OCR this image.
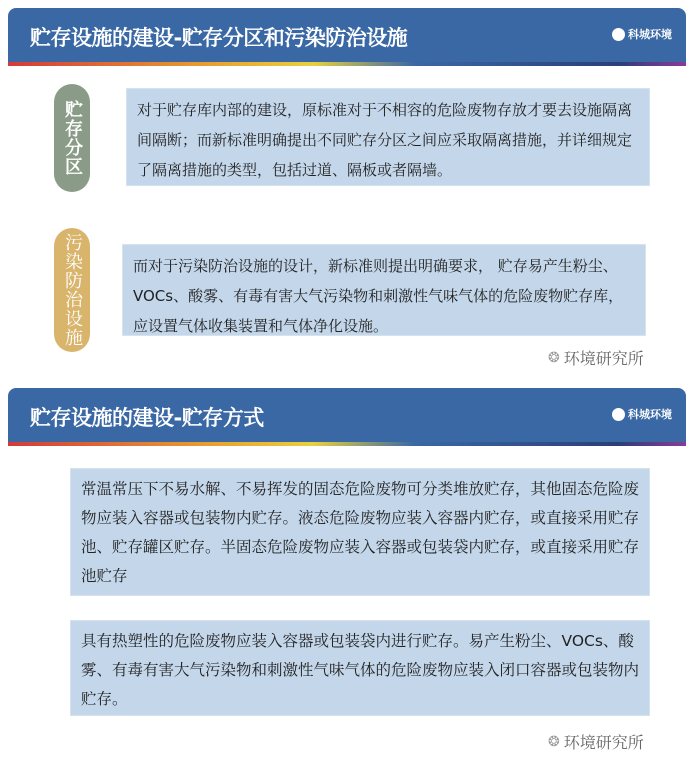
贮存设施的建设-贮存分区和污染防治设施	科城环境
贮存分区	对于贮存库内部的建设，原标准对于不相容的危险废物存放才要去设施隔离间隔断；而新标准明确提出不同贮存分区之间应采取隔离措施，并详细规定了隔离措施的类型，包括过道、隔板或者隔墙。
污染防治设施	而对于污染防治设施的设计，新标准则提出明确要求， 贮存易产生粉尘、VOCs、酸雾、有毒有害大气污染物和刺激性气味气体的危险废物贮存库，应设置气体收集装置和气体净化设施。
❂ 环境研究所
贮存设施的建设-贮存方式	科城环境
常温常压下不易水解、不易挥发的固态危险废物可分类堆放贮存，其他固态危险废物应装入容器或包装物内贮存。液态危险废物应装入容器内贮存，或直接采用贮存池、贮存罐区贮存。半固态危险废物应装入容器或包装袋内贮存，或直接采用贮存池贮存
具有热塑性的危险废物应装入容器或包装袋内进行贮存。易产生粉尘、VOCs、酸雾、有毒有害大气污染物和刺激性气味气体的危险废物应装入闭口容器或包装物内贮存。
❂ 环境研究所
